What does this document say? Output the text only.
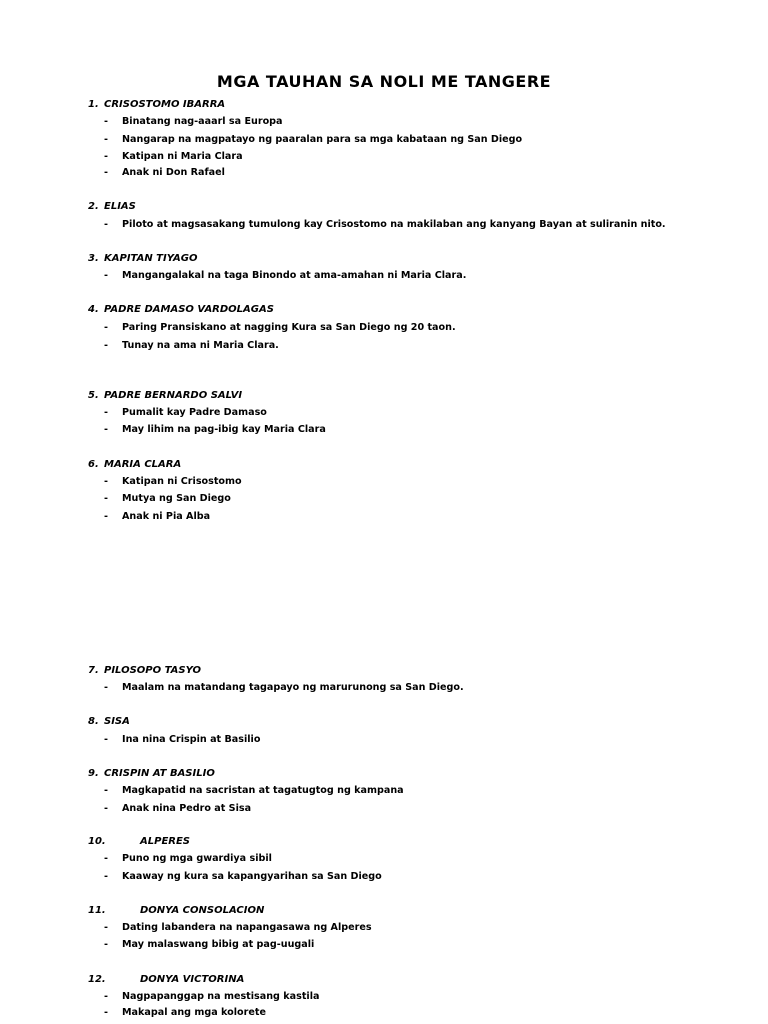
MGA TAUHAN SA NOLI ME TANGERE
1. CRISOSTOMO IBARRA
- Binatang nag-aaarl sa Europa
- Nangarap na magpatayo ng paaralan para sa mga kabataan ng San Diego
- Katipan ni Maria Clara
- Anak ni Don Rafael
2. ELIAS
- Piloto at magsasakang tumulong kay Crisostomo na makilaban ang kanyang Bayan at suliranin nito.
3. KAPITAN TIYAGO
- Mangangalakal na taga Binondo at ama-amahan ni Maria Clara.
4. PADRE DAMASO VARDOLAGAS
- Paring Pransiskano at nagging Kura sa San Diego ng 20 taon.
- Tunay na ama ni Maria Clara.
5. PADRE BERNARDO SALVI
- Pumalit kay Padre Damaso
- May lihim na pag-ibig kay Maria Clara
6. MARIA CLARA
- Katipan ni Crisostomo
- Mutya ng San Diego
- Anak ni Pia Alba
7. PILOSOPO TASYO
- Maalam na matandang tagapayo ng marurunong sa San Diego.
8. SISA
- Ina nina Crispin at Basilio
9. CRISPIN AT BASILIO
- Magkapatid na sacristan at tagatugtog ng kampana
- Anak nina Pedro at Sisa
10.	ALPERES
- Puno ng mga gwardiya sibil
- Kaaway ng kura sa kapangyarihan sa San Diego
11.	DONYA CONSOLACION
- Dating labandera na napangasawa ng Alperes
- May malaswang bibig at pag-uugali
12.	DONYA VICTORINA
- Nagpapanggap na mestisang kastila
- Makapal ang mga kolorete
